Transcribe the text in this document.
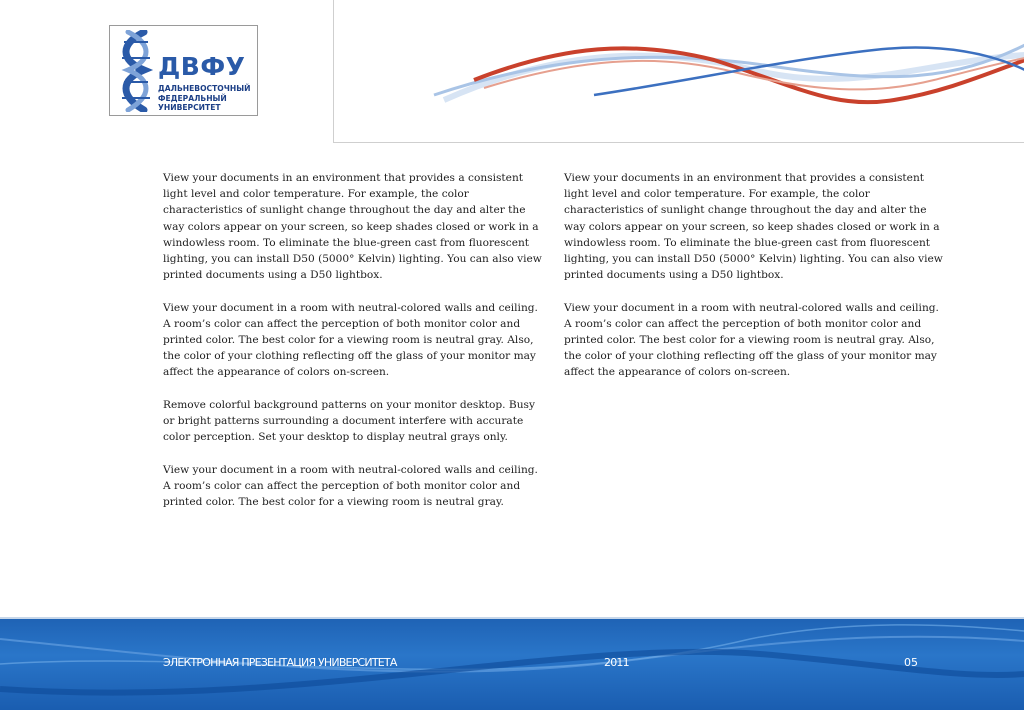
ДВФУ
ДАЛЬНЕВОСТОЧНЫЙ
ФЕДЕРАЛЬНЫЙ
УНИВЕРСИТЕТ

View your documents in an environment that provides a consistent light level and color temperature. For example, the color characteristics of sunlight change throughout the day and alter the way colors appear on your screen, so keep shades closed or work in a windowless room. To eliminate the blue-green cast from fluorescent lighting, you can install D50 (5000° Kelvin) lighting. You can also view printed documents using a D50 lightbox.

View your document in a room with neutral-colored walls and ceiling. A room’s color can affect the perception of both monitor color and printed color. The best color for a viewing room is neutral gray. Also, the color of your clothing reflecting off the glass of your monitor may affect the appearance of colors on-screen.

Remove colorful background patterns on your monitor desktop. Busy or bright patterns surrounding a document interfere with accurate color perception. Set your desktop to display neutral grays only.

View your document in a room with neutral-colored walls and ceiling. A room’s color can affect the perception of both monitor color and printed color. The best color for a viewing room is neutral gray.

View your documents in an environment that provides a consistent light level and color temperature. For example, the color characteristics of sunlight change throughout the day and alter the way colors appear on your screen, so keep shades closed or work in a windowless room. To eliminate the blue-green cast from fluorescent lighting, you can install D50 (5000° Kelvin) lighting. You can also view printed documents using a D50 lightbox.

View your document in a room with neutral-colored walls and ceiling. A room’s color can affect the perception of both monitor color and printed color. The best color for a viewing room is neutral gray. Also, the color of your clothing reflecting off the glass of your monitor may affect the appearance of colors on-screen.

ЭЛЕКТРОННАЯ ПРЕЗЕНТАЦИЯ УНИВЕРСИТЕТА	2011	05
